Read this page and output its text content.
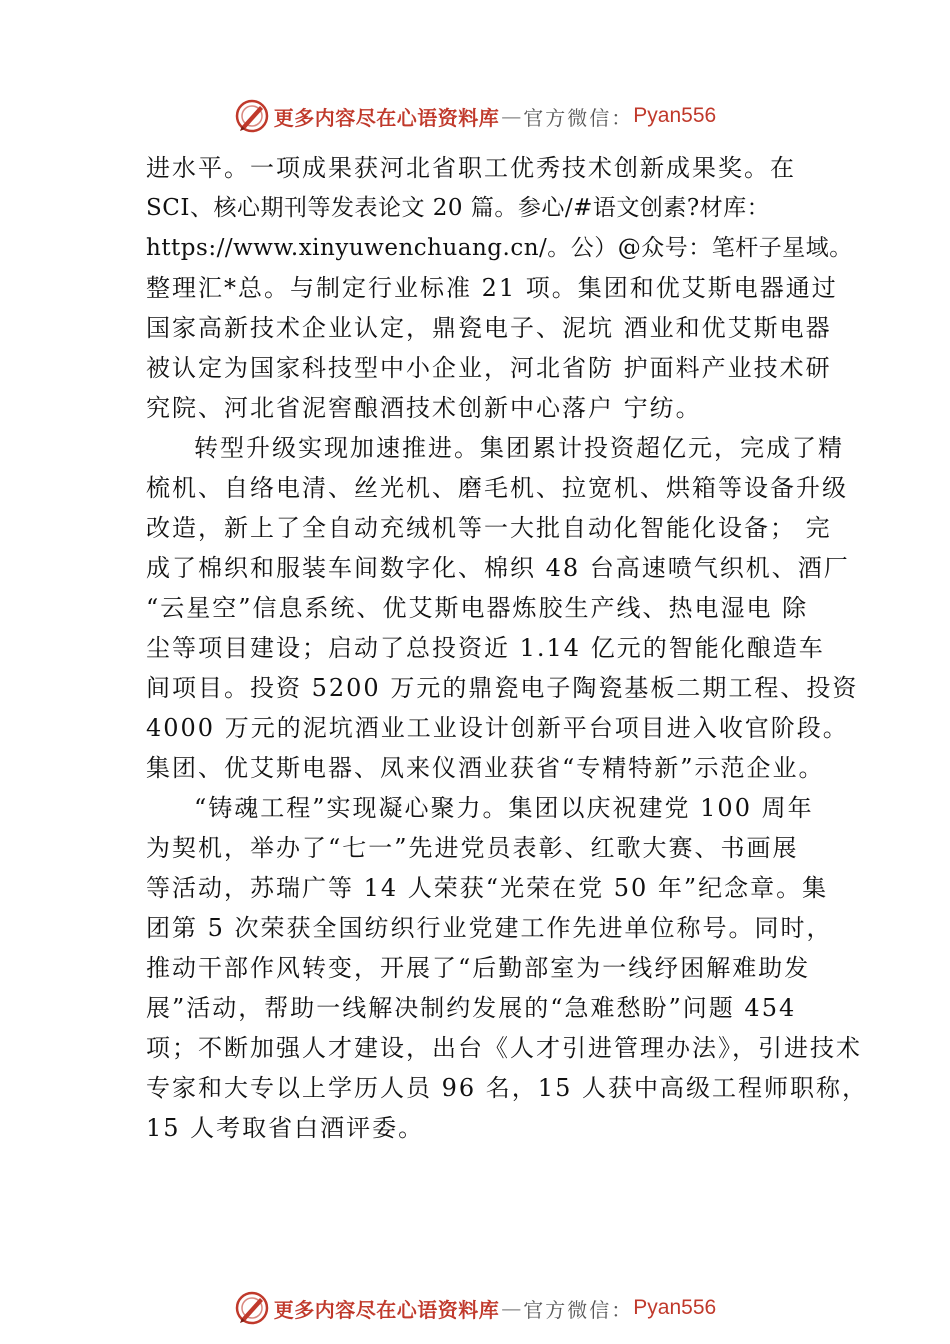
更多内容尽在心语资料库 — 官方微信： Pyan556
进水平。一项成果获河北省职工优秀技术创新成果奖。在
SCI、核心期刊等发表论文 20 篇。参心/#语文创素?材库：
https://www.xinyuwenchuang.cn/。公）@众号：笔杆子星域。
整理汇*总。与制定行业标准 21 项。集团和优艾斯电器通过
国家高新技术企业认定，鼎瓷电子、泥坑 酒业和优艾斯电器
被认定为国家科技型中小企业，河北省防 护面料产业技术研
究院、河北省泥窖酿酒技术创新中心落户 宁纺。
转型升级实现加速推进。集团累计投资超亿元，完成了精
梳机、自络电清、丝光机、磨毛机、拉宽机、烘箱等设备升级
改造，新上了全自动充绒机等一大批自动化智能化设备； 完
成了棉织和服装车间数字化、棉织 48 台高速喷气织机、酒厂
“云星空”信息系统、优艾斯电器炼胶生产线、热电湿电 除
尘等项目建设；启动了总投资近 1.14 亿元的智能化酿造车
间项目。投资 5200 万元的鼎瓷电子陶瓷基板二期工程、投资
4000 万元的泥坑酒业工业设计创新平台项目进入收官阶段。
集团、优艾斯电器、凤来仪酒业获省“专精特新”示范企业。
“铸魂工程”实现凝心聚力。集团以庆祝建党 100 周年
为契机，举办了“七一”先进党员表彰、红歌大赛、书画展
等活动，苏瑞广等 14 人荣获“光荣在党 50 年”纪念章。集
团第 5 次荣获全国纺织行业党建工作先进单位称号。同时，
推动干部作风转变，开展了“后勤部室为一线纾困解难助发
展”活动，帮助一线解决制约发展的“急难愁盼”问题 454
项；不断加强人才建设，出台《人才引进管理办法》，引进技术
专家和大专以上学历人员 96 名，15 人获中高级工程师职称，
15 人考取省白酒评委。
更多内容尽在心语资料库 — 官方微信： Pyan556
